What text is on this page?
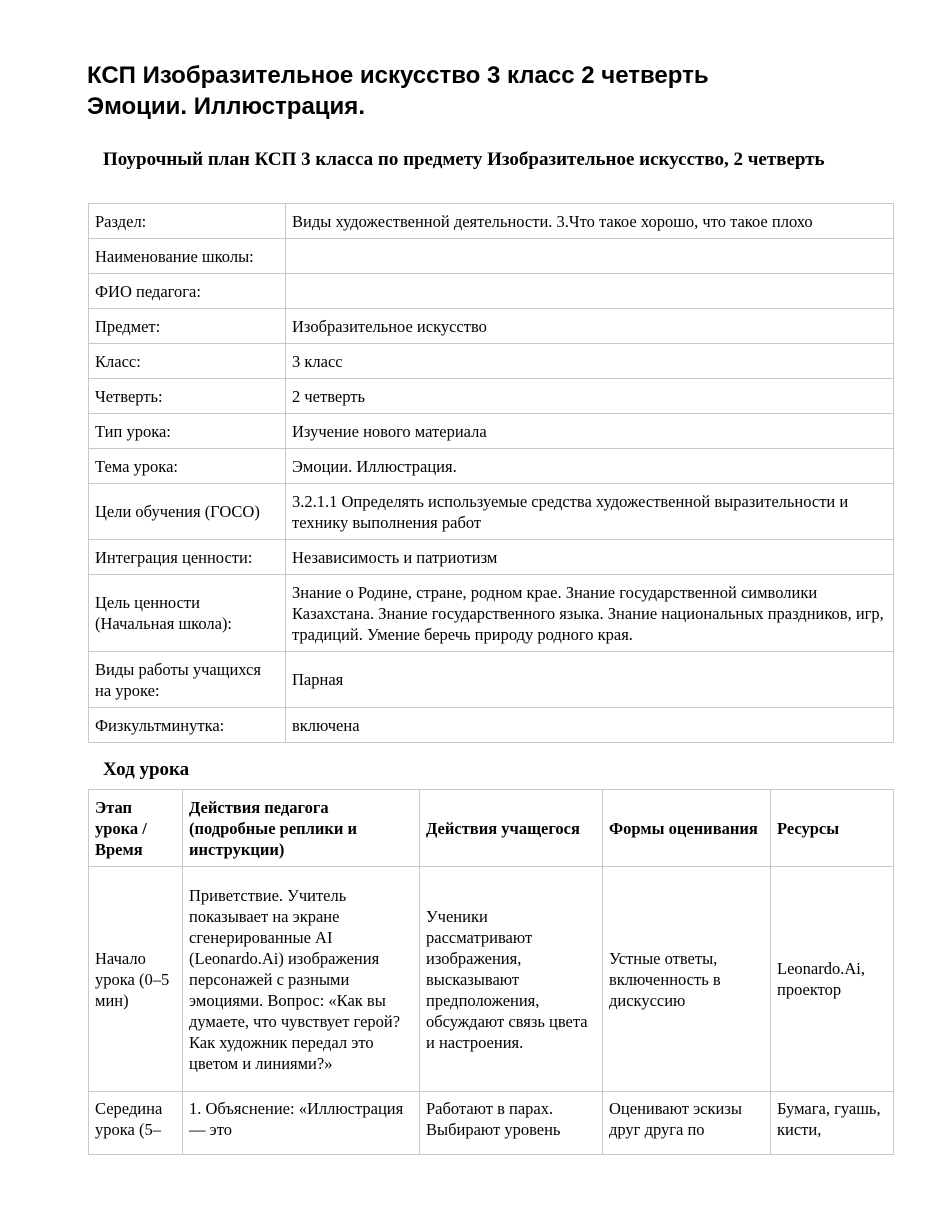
КСП Изобразительное искусство 3 класс 2 четверть
Эмоции. Иллюстрация.
Поурочный план КСП 3 класса по предмету Изобразительное искусство, 2 четверть
Раздел:	Виды художественной деятельности. 3.Что такое хорошо, что такое плохо
Наименование школы:	
ФИО педагога:	
Предмет:	Изобразительное искусство
Класс:	3 класс
Четверть:	2 четверть
Тип урока:	Изучение нового материала
Тема урока:	Эмоции. Иллюстрация.
Цели обучения (ГОСО)	3.2.1.1 Определять используемые средства художественной выразительности и технику выполнения работ
Интеграция ценности:	Независимость и патриотизм
Цель ценности (Начальная школа):	Знание о Родине, стране, родном крае. Знание государственной символики Казахстана. Знание государственного языка. Знание национальных праздников, игр, традиций. Умение беречь природу родного края.
Виды работы учащихся на уроке:	Парная
Физкультминутка:	включена
Ход урока
Этап урока / Время	Действия педагога (подробные реплики и инструкции)	Действия учащегося	Формы оценивания	Ресурсы
Начало урока (0–5 мин)	Приветствие. Учитель показывает на экране сгенерированные AI (Leonardo.Ai) изображения персонажей с разными эмоциями. Вопрос: «Как вы думаете, что чувствует герой? Как художник передал это цветом и линиями?»	Ученики рассматривают изображения, высказывают предположения, обсуждают связь цвета и настроения.	Устные ответы, включенность в дискуссию	Leonardo.Ai, проектор
Середина урока (5–	1. Объяснение: «Иллюстрация — это	Работают в парах. Выбирают уровень	Оценивают эскизы друг друга по	Бумага, гуашь, кисти,
